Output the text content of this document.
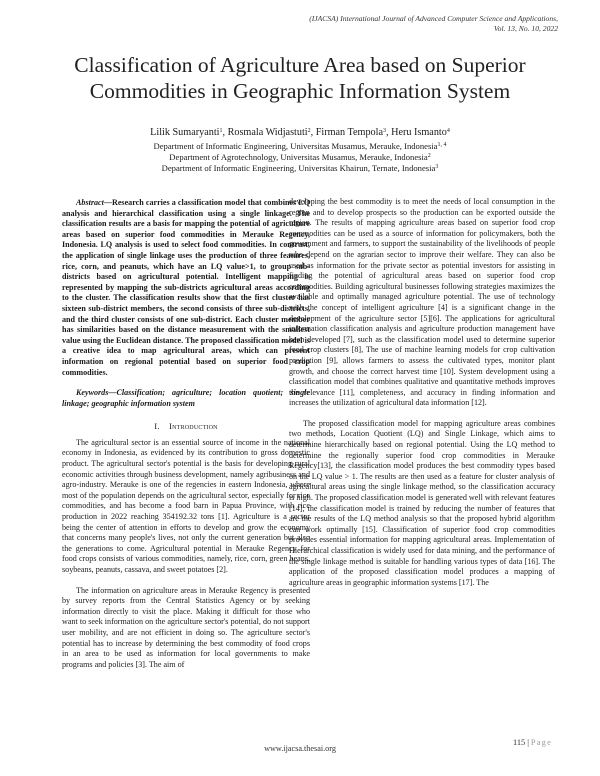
(IJACSA) International Journal of Advanced Computer Science and Applications,
Vol. 13, No. 10, 2022
Classification of Agriculture Area based on Superior
Commodities in Geographic Information System
Lilik Sumaryanti$^1$, Rosmala Widjastuti$^2$, Firman Tempola$^3$, Heru Ismanto$^4$
Department of Informatic Engineering, Universitas Musamus, Merauke, Indonesia$^{1, 4}$
Department of Agrotechnology, Universitas Musamus, Merauke, Indonesia$^2$
Department of Informatic Engineering, Universitas Khairun, Ternate, Indonesia$^3$

Abstract—Research carries a classification model that combines LQ analysis and hierarchical classification using a single linkage. The classification results are a basis for mapping the potential of agriculture areas based on superior food commodities in Merauke Regency, Indonesia. LQ analysis is used to select food commodities. In contrast, the application of single linkage uses the production of three features, rice, corn, and peanuts, which have an LQ value>1, to group sub-districts based on agricultural potential. Intelligent mapping is represented by mapping the sub-districts agricultural areas according to the cluster. The classification results show that the first cluster has sixteen sub-district members, the second consists of three sub-districts, and the third cluster consists of one sub-district. Each cluster member has similarities based on the distance measurement with the smallest value using the Euclidean distance. The proposed classification model is a creative idea to map agricultural areas, which can present information on regional potential based on superior food crop commodities.

Keywords—Classification; agriculture; location quotient; single linkage; geographic information system

I. Introduction

The agricultural sector is an essential source of income in the national economy in Indonesia, as evidenced by its contribution to gross domestic product. The agricultural sector's potential is the basis for developing rural economic activities through business development, namely agribusiness and agro-industry. Merauke is one of the regencies in eastern Indonesia, where most of the population depends on the agricultural sector, especially for rice commodities, and has become a food barn in Papua Province, with rice production in 2022 reaching 354192.32 tons [1]. Agriculture is a sector being the center of attention in efforts to develop and grow the economy that concerns many people's lives, not only the current generation but also the generations to come. Agricultural potential in Merauke Regency for food crops consists of various commodities, namely, rice, corn, green beans, soybeans, peanuts, cassava, and sweet potatoes [2].

The information on agriculture areas in Merauke Regency is presented by survey reports from the Central Statistics Agency or by seeking information directly to visit the place. Making it difficult for those who want to seek information on the agriculture sector's potential, do not support user mobility, and are not efficient in doing so. The agriculture sector's potential has to increase by determining the best commodity of food crops in an area to be used as information for local governments to make programs and policies [3]. The aim of

developing the best commodity is to meet the needs of local consumption in the region and to develop prospects so the production can be exported outside the region. The results of mapping agriculture areas based on superior food crop commodities can be used as a source of information for policymakers, both the government and farmers, to support the sustainability of the livelihoods of people who depend on the agrarian sector to improve their welfare. They can also be used as information for the private sector as potential investors for assisting in finding the potential of agricultural areas based on superior food crop commodities. Building agricultural businesses following strategies maximizes the available and optimally managed agriculture potential. The use of technology with the concept of intelligent agriculture [4] is a significant change in the development of the agriculture sector [5][6]. The applications for agricultural information classification analysis and agriculture production management have been developed [7], such as the classification model used to determine superior food crop clusters [8], The use of machine learning models for crop cultivation prediction [9], allows farmers to assess the cultivated types, monitor plant growth, and choose the correct harvest time [10]. System development using a classification model that combines qualitative and quantitative methods improves the relevance [11], completeness, and accuracy in finding information and increases the utilization of agricultural data information [12].

The proposed classification model for mapping agriculture areas combines two methods, Location Quotient (LQ) and Single Linkage, which aims to determine hierarchically based on regional potential. Using the LQ method to determine the regionally superior food crop commodities in Merauke Regency[13], the classification model produces the best commodity types based on the LQ value > 1. The results are then used as a feature for cluster analysis of agricultural areas using the single linkage method, so the classification accuracy is high. The proposed classification model is generated well with relevant features [14]; the classification model is trained by reducing the number of features that are the results of the LQ method analysis so that the proposed hybrid algorithm can work optimally [15]. Classification of superior food crop commodities provides essential information for mapping agricultural areas. Implementation of Hierarchical classification is widely used for data mining, and the performance of the single linkage method is suitable for handling various types of data [16]. The application of the proposed classification model produces a mapping of agriculture areas in geographic information systems [17]. The

www.ijacsa.thesai.org
115 | Page
